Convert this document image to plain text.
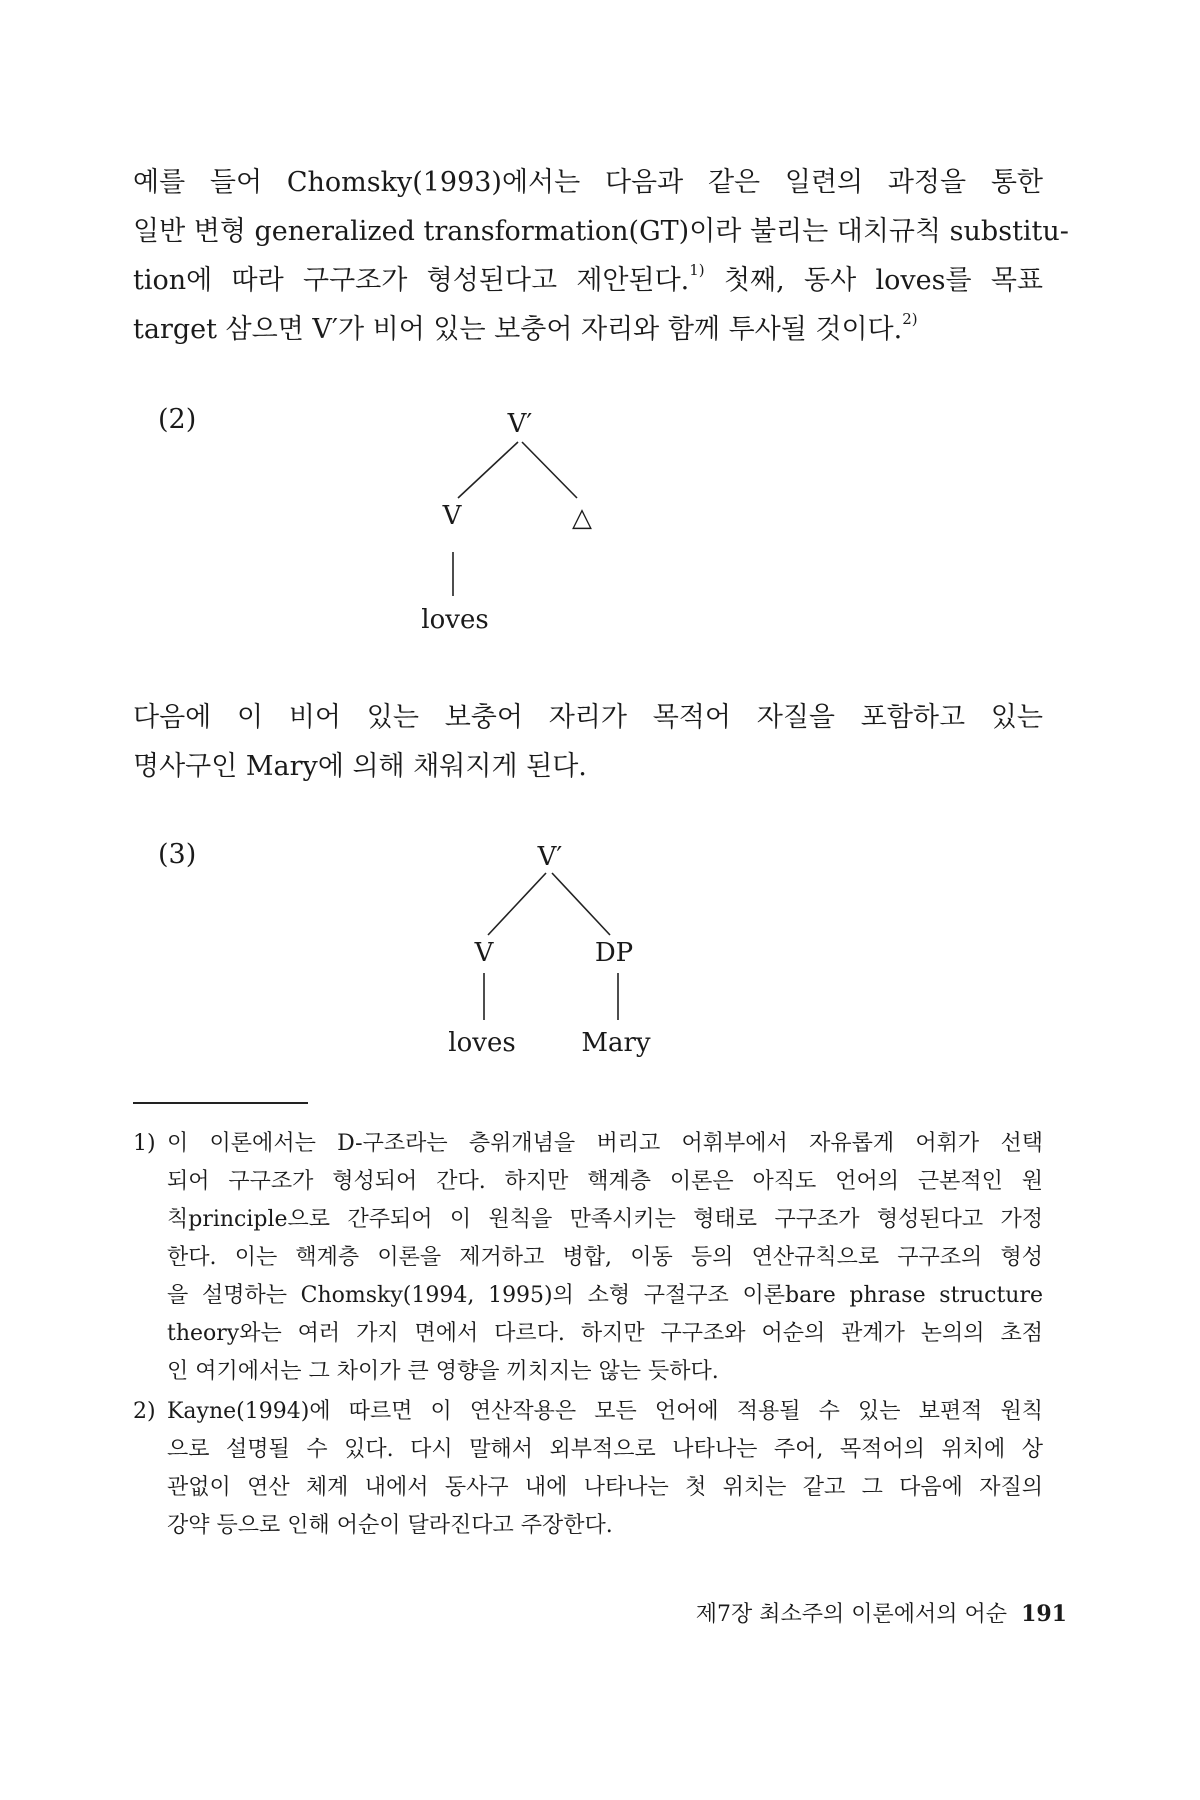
예를 들어 Chomsky(1993)에서는 다음과 같은 일련의 과정을 통한
일반 변형 generalized transformation(GT)이라 불리는 대치규칙 substitu-
tion에 따라 구구조가 형성된다고 제안된다.$^{1)}$ 첫째, 동사 loves를 목표
target 삼으면 V′가 비어 있는 보충어 자리와 함께 투사될 것이다.$^{2)}$
(2)	V′
V	△
loves
다음에 이 비어 있는 보충어 자리가 목적어 자질을 포함하고 있는
명사구인 Mary에 의해 채워지게 된다.
(3)	V′
V	DP
loves	Mary
1) 이 이론에서는 D-구조라는 층위개념을 버리고 어휘부에서 자유롭게 어휘가 선택
되어 구구조가 형성되어 간다. 하지만 핵계층 이론은 아직도 언어의 근본적인 원
칙principle으로 간주되어 이 원칙을 만족시키는 형태로 구구조가 형성된다고 가정
한다. 이는 핵계층 이론을 제거하고 병합, 이동 등의 연산규칙으로 구구조의 형성
을 설명하는 Chomsky(1994, 1995)의 소형 구절구조 이론bare phrase structure
theory와는 여러 가지 면에서 다르다. 하지만 구구조와 어순의 관계가 논의의 초점
인 여기에서는 그 차이가 큰 영향을 끼치지는 않는 듯하다.
2) Kayne(1994)에 따르면 이 연산작용은 모든 언어에 적용될 수 있는 보편적 원칙
으로 설명될 수 있다. 다시 말해서 외부적으로 나타나는 주어, 목적어의 위치에 상
관없이 연산 체계 내에서 동사구 내에 나타나는 첫 위치는 같고 그 다음에 자질의
강약 등으로 인해 어순이 달라진다고 주장한다.
제7장 최소주의 이론에서의 어순 191
